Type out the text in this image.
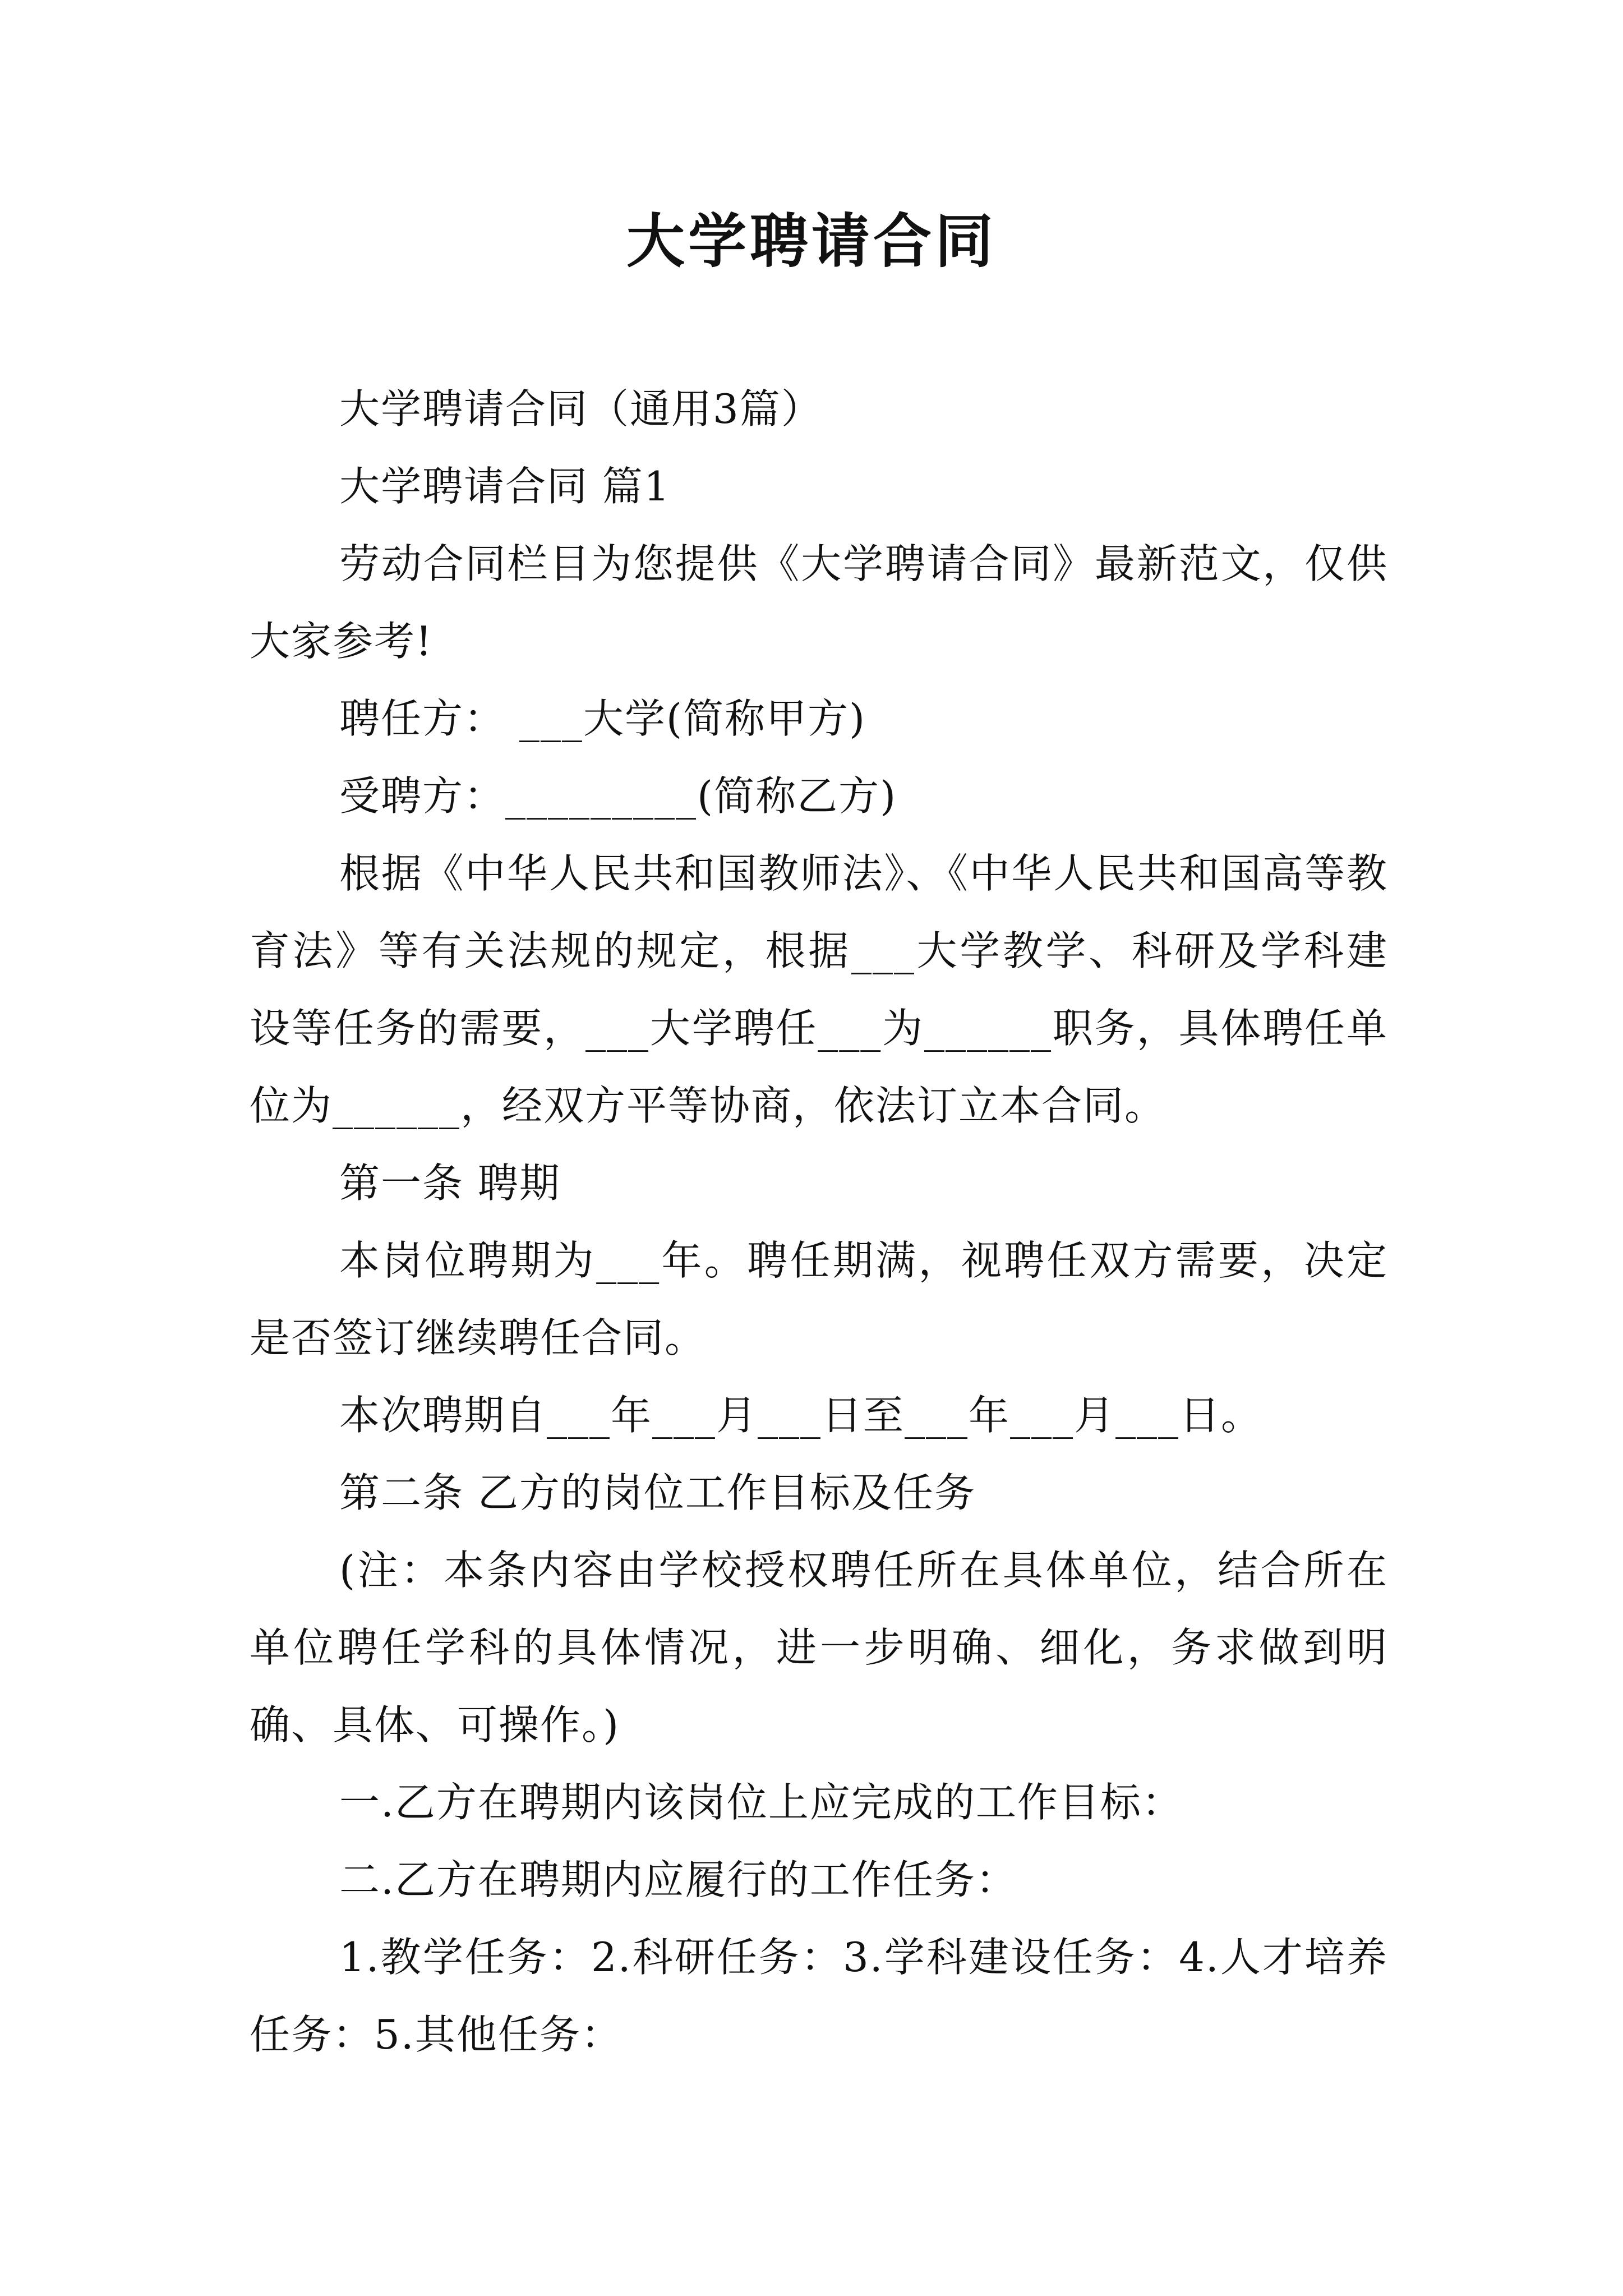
大学聘请合同

大学聘请合同（通用3篇）

大学聘请合同 篇1

劳动合同栏目为您提供《大学聘请合同》最新范文，仅供大家参考!

聘任方： ___大学(简称甲方)

受聘方：_________(简称乙方)

根据《中华人民共和国教师法》、《中华人民共和国高等教育法》等有关法规的规定，根据___大学教学、科研及学科建设等任务的需要，___大学聘任___为______职务，具体聘任单位为______，经双方平等协商，依法订立本合同。

第一条 聘期

本岗位聘期为___年。聘任期满，视聘任双方需要，决定是否签订继续聘任合同。

本次聘期自___年___月___日至___年___月___日。

第二条 乙方的岗位工作目标及任务

(注：本条内容由学校授权聘任所在具体单位，结合所在单位聘任学科的具体情况，进一步明确、细化，务求做到明确、具体、可操作。)

一.乙方在聘期内该岗位上应完成的工作目标：

二.乙方在聘期内应履行的工作任务：

1.教学任务：2.科研任务：3.学科建设任务：4.人才培养任务：5.其他任务：
